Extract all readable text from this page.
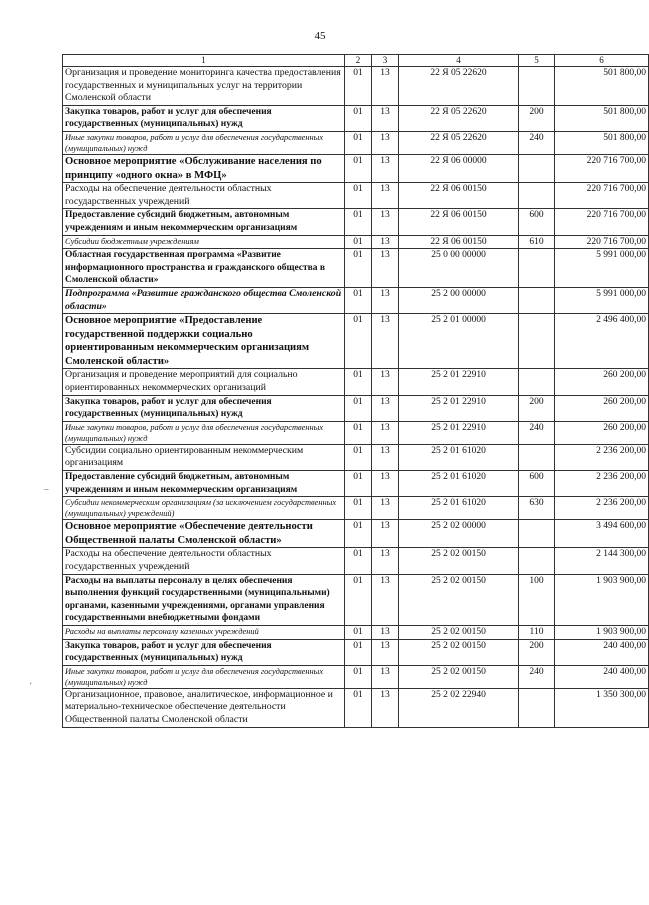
45
1	2	3	4	5	6
Организация и проведение мониторинга качества предоставления государственных и муниципальных услуг на территории Смоленской области	01	13	22 Я 05 22620		501 800,00
Закупка товаров, работ и услуг для обеспечения государственных (муниципальных) нужд	01	13	22 Я 05 22620	200	501 800,00
Иные закупки товаров, работ и услуг для обеспечения государственных (муниципальных) нужд	01	13	22 Я 05 22620	240	501 800,00
Основное мероприятие «Обслуживание населения по принципу «одного окна» в МФЦ»	01	13	22 Я 06 00000		220 716 700,00
Расходы на обеспечение деятельности областных государственных учреждений	01	13	22 Я 06 00150		220 716 700,00
Предоставление субсидий бюджетным, автономным учреждениям и иным некоммерческим организациям	01	13	22 Я 06 00150	600	220 716 700,00
Субсидии бюджетным учреждениям	01	13	22 Я 06 00150	610	220 716 700,00
Областная государственная программа «Развитие информационного пространства и гражданского общества в Смоленской области»	01	13	25 0 00 00000		5 991 000,00
Подпрограмма «Развитие гражданского общества Смоленской области»	01	13	25 2 00 00000		5 991 000,00
Основное мероприятие «Предоставление государственной поддержки социально ориентированным некоммерческим организациям Смоленской области»	01	13	25 2 01 00000		2 496 400,00
Организация и проведение мероприятий для социально ориентированных некоммерческих организаций	01	13	25 2 01 22910		260 200,00
Закупка товаров, работ и услуг для обеспечения государственных (муниципальных) нужд	01	13	25 2 01 22910	200	260 200,00
Иные закупки товаров, работ и услуг для обеспечения государственных (муниципальных) нужд	01	13	25 2 01 22910	240	260 200,00
Субсидии социально ориентированным некоммерческим организациям	01	13	25 2 01 61020		2 236 200,00
Предоставление субсидий бюджетным, автономным учреждениям и иным некоммерческим организациям	01	13	25 2 01 61020	600	2 236 200,00
Субсидии некоммерческим организациям (за исключением государственных (муниципальных) учреждений)	01	13	25 2 01 61020	630	2 236 200,00
Основное мероприятие «Обеспечение деятельности Общественной палаты Смоленской области»	01	13	25 2 02 00000		3 494 600,00
Расходы на обеспечение деятельности областных государственных учреждений	01	13	25 2 02 00150		2 144 300,00
Расходы на выплаты персоналу в целях обеспечения выполнения функций государственными (муниципальными) органами, казенными учреждениями, органами управления государственными внебюджетными фондами	01	13	25 2 02 00150	100	1 903 900,00
Расходы на выплаты персоналу казенных учреждений	01	13	25 2 02 00150	110	1 903 900,00
Закупка товаров, работ и услуг для обеспечения государственных (муниципальных) нужд	01	13	25 2 02 00150	200	240 400,00
Иные закупки товаров, работ и услуг для обеспечения государственных (муниципальных) нужд	01	13	25 2 02 00150	240	240 400,00
Организационное, правовое, аналитическое, информационное и материально-техническое обеспечение деятельности Общественной палаты Смоленской области	01	13	25 2 02 22940		1 350 300,00
–
'
